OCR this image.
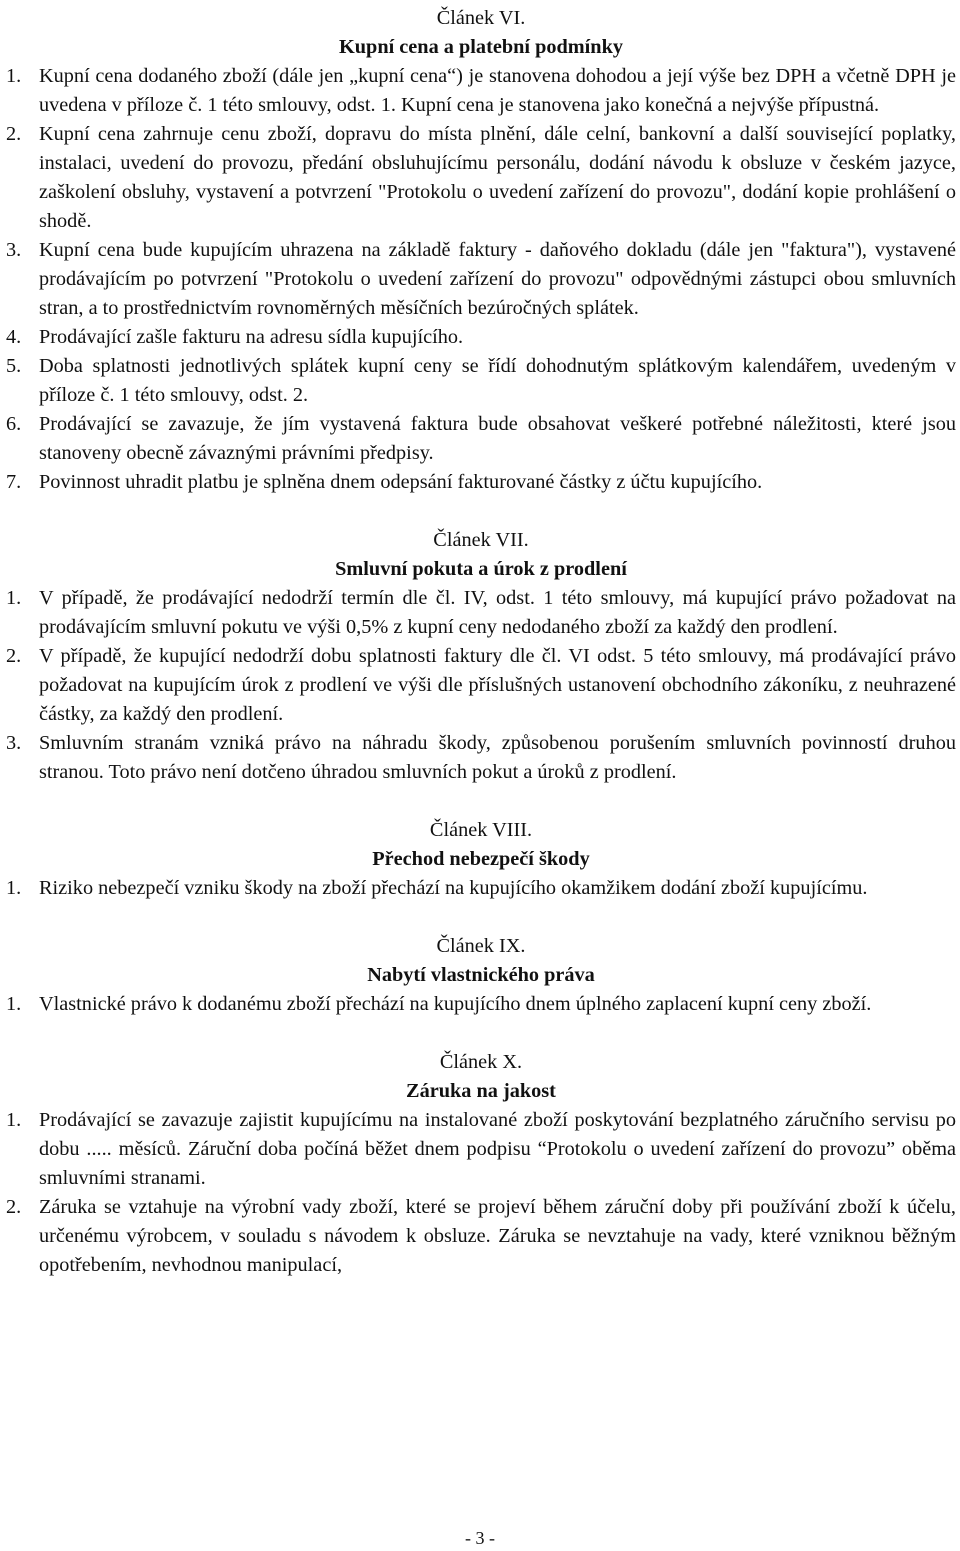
Článek VI.

Kupní cena a platební podmínky

1. Kupní cena dodaného zboží (dále jen „kupní cena“) je stanovena dohodou a její výše bez DPH a včetně DPH je uvedena v příloze č. 1 této smlouvy, odst. 1. Kupní cena je stanovena jako konečná a nejvýše přípustná.
2. Kupní cena zahrnuje cenu zboží, dopravu do místa plnění, dále celní, bankovní a další související poplatky, instalaci, uvedení do provozu, předání obsluhujícímu personálu, dodání návodu k obsluze v českém jazyce, zaškolení obsluhy, vystavení a potvrzení "Protokolu o uvedení zařízení do provozu", dodání kopie prohlášení o shodě.
3. Kupní cena bude kupujícím uhrazena na základě faktury - daňového dokladu (dále jen "faktura"), vystavené prodávajícím po potvrzení "Protokolu o uvedení zařízení do provozu" odpovědnými zástupci obou smluvních stran, a to prostřednictvím rovnoměrných měsíčních bezúročných splátek.
4. Prodávající zašle fakturu na adresu sídla kupujícího.
5. Doba splatnosti jednotlivých splátek kupní ceny se řídí dohodnutým splátkovým kalendářem, uvedeným v příloze č. 1 této smlouvy, odst. 2.
6. Prodávající se zavazuje, že jím vystavená faktura bude obsahovat veškeré potřebné náležitosti, které jsou stanoveny obecně závaznými právními předpisy.
7. Povinnost uhradit platbu je splněna dnem odepsání fakturované částky z účtu kupujícího.

Článek VII.

Smluvní pokuta a úrok z prodlení

1. V případě, že prodávající nedodrží termín dle čl. IV, odst. 1 této smlouvy, má kupující právo požadovat na prodávajícím smluvní pokutu ve výši 0,5% z kupní ceny nedodaného zboží za každý den prodlení.
2. V případě, že kupující nedodrží dobu splatnosti faktury dle čl. VI odst. 5 této smlouvy, má prodávající právo požadovat na kupujícím úrok z prodlení ve výši dle příslušných ustanovení obchodního zákoníku, z neuhrazené částky, za každý den prodlení.
3. Smluvním stranám vzniká právo na náhradu škody, způsobenou porušením smluvních povinností druhou stranou. Toto právo není dotčeno úhradou smluvních pokut a úroků z prodlení.

Článek VIII.

Přechod nebezpečí škody

1. Riziko nebezpečí vzniku škody na zboží přechází na kupujícího okamžikem dodání zboží kupujícímu.

Článek IX.

Nabytí vlastnického práva

1. Vlastnické právo k dodanému zboží přechází na kupujícího dnem úplného zaplacení kupní ceny zboží.

Článek X.

Záruka na jakost

1. Prodávající se zavazuje zajistit kupujícímu na instalované zboží poskytování bezplatného záručního servisu po dobu ..... měsíců. Záruční doba počíná běžet dnem podpisu “Protokolu o uvedení zařízení do provozu” oběma smluvními stranami.
2. Záruka se vztahuje na výrobní vady zboží, které se projeví během záruční doby při používání zboží k účelu, určenému výrobcem, v souladu s návodem k obsluze. Záruka se nevztahuje na vady, které vzniknou běžným opotřebením, nevhodnou manipulací,
- 3 -
